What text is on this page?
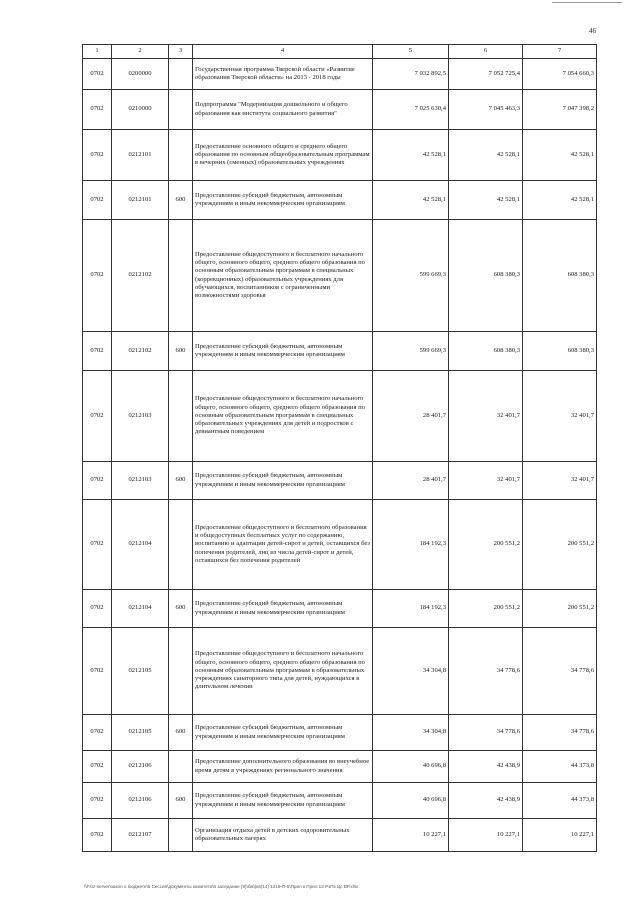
46
1	2	3	4	5	6	7
0702	0200000		Государственная программа Тверской области «Развитие образования Тверской области» на 2013 - 2018 годы	7 032 892,5	7 052 725,4	7 054 660,3
0702	0210000		Подпрограмма "Модернизация дошкольного и общего образования как института социального развития"	7 025 630,4	7 045 463,3	7 047 398,2
0702	0212101		Предоставление основного общего и среднего общего образования по основным общеобразовательным программам в вечерних (сменных) образовательных учреждениях	42 528,1	42 528,1	42 528,1
0702	0212101	600	Предоставление субсидий бюджетным, автономным учреждениям и иным некоммерческим организациям	42 528,1	42 528,1	42 528,1
0702	0212102		Предоставление общедоступного и бесплатного начального общего, основного общего, среднего общего образования по основным образовательным программам в специальных (коррекционных) образовательных учреждениях для обучающихся, воспитанников с ограниченными возможностями здоровья	599 669,3	608 380,3	608 380,3
0702	0212102	600	Предоставление субсидий бюджетным, автономным учреждениям и иным некоммерческим организациям	599 669,3	608 380,3	608 380,3
0702	0212103		Предоставление общедоступного и бесплатного начального общего, основного общего, среднего общего образования по основным образовательным программам в специальных образовательных учреждениях для детей и подростков с девиантным поведением	28 401,7	32 401,7	32 401,7
0702	0212103	600	Предоставление субсидий бюджетным, автономным учреждениям и иным некоммерческим организациям	28 401,7	32 401,7	32 401,7
0702	0212104		Предоставление общедоступного и бесплатного образования и общедоступных бесплатных услуг по содержанию, воспитанию и адаптации детей-сирот и детей, оставшихся без попечения родителей, лиц из числа детей-сирот и детей, оставшихся без попечения родителей	184 192,3	200 551,2	200 551,2
0702	0212104	600	Предоставление субсидий бюджетным, автономным учреждениям и иным некоммерческим организациям	184 192,3	200 551,2	200 551,2
0702	0212105		Предоставление общедоступного и бесплатного начального общего, основного общего, среднего общего образования по основным образовательным программам в образовательных учреждениях санаторного типа для детей, нуждающихся в длительном лечении	34 304,8	34 778,6	34 778,6
0702	0212105	600	Предоставление субсидий бюджетным, автономным учреждениям и иным некоммерческим организациям	34 304,8	34 778,6	34 778,6
0702	0212106		Предоставление дополнительного образования во внеучебное время детям в учреждениях регионального значения	40 696,8	42 438,9	44 373,8
0702	0212106	600	Предоставление субсидий бюджетным, автономным учреждениям и иным некоммерческим организациям	40 696,8	42 438,9	44 373,8
0702	0212107		Организация отдыха детей в детских оздоровительных образовательных лагерях	10 227,1	10 227,1	10 227,1
\\Fs\z-server\закон о бюджете\5 Сессия\документы комитета\6 заседание (9)\бм\(кв)14) 1219-П-5\Прил к Прил 12 РзПз Цс ВР.xlsx
